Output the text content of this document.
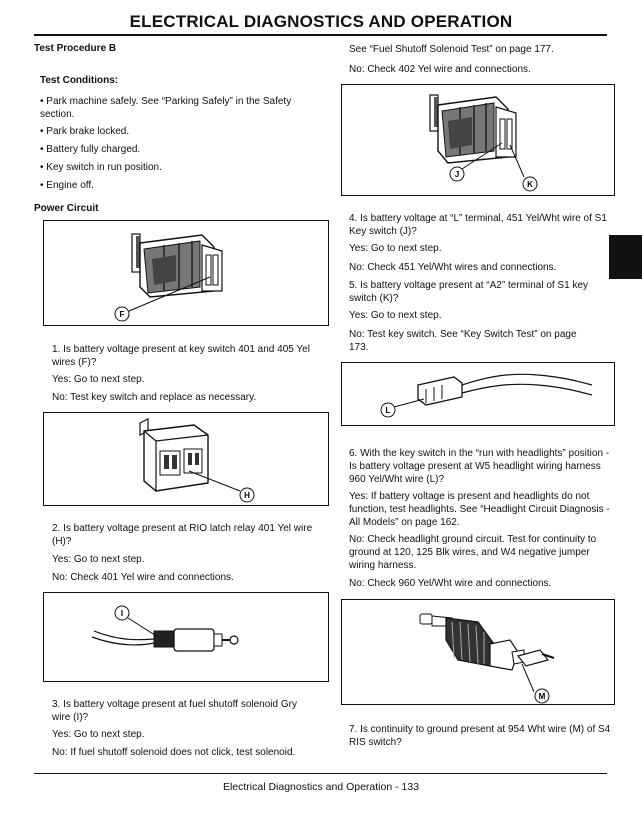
ELECTRICAL DIAGNOSTICS AND OPERATION
Test Procedure B
Test Conditions:
• Park machine safely. See “Parking Safely” in the Safety section.
• Park brake locked.
• Battery fully charged.
• Key switch in run position.
• Engine off.
Power Circuit
F
1. Is battery voltage present at key switch 401 and 405 Yel wires (F)?
Yes: Go to next step.
No: Test key switch and replace as necessary.
H
2. Is battery voltage present at RIO latch relay 401 Yel wire (H)?
Yes: Go to next step.
No: Check 401 Yel wire and connections.
I
3. Is battery voltage present at fuel shutoff solenoid Gry wire (I)?
Yes: Go to next step.
No: If fuel shutoff solenoid does not click, test solenoid.
See “Fuel Shutoff Solenoid Test” on page 177.
No: Check 402 Yel wire and connections.
J
K
4. Is battery voltage at “L” terminal, 451 Yel/Wht wire of S1 Key switch (J)?
Yes: Go to next step.
No: Check 451 Yel/Wht wires and connections.
5. Is battery voltage present at “A2” terminal of S1 key switch (K)?
Yes: Go to next step.
No: Test key switch. See “Key Switch Test” on page 173.
L
6. With the key switch in the “run with headlights” position - Is battery voltage present at W5 headlight wiring harness 960 Yel/Wht wire (L)?
Yes: If battery voltage is present and headlights do not function, test headlights. See “Headlight Circuit Diagnosis - All Models” on page 162.
No: Check headlight ground circuit. Test for continuity to ground at 120, 125 Blk wires, and W4 negative jumper wiring harness.
No: Check 960 Yel/Wht wire and connections.
M
7. Is continuity to ground present at 954 Wht wire (M) of S4 RIS switch?
Electrical Diagnostics and Operation - 133
